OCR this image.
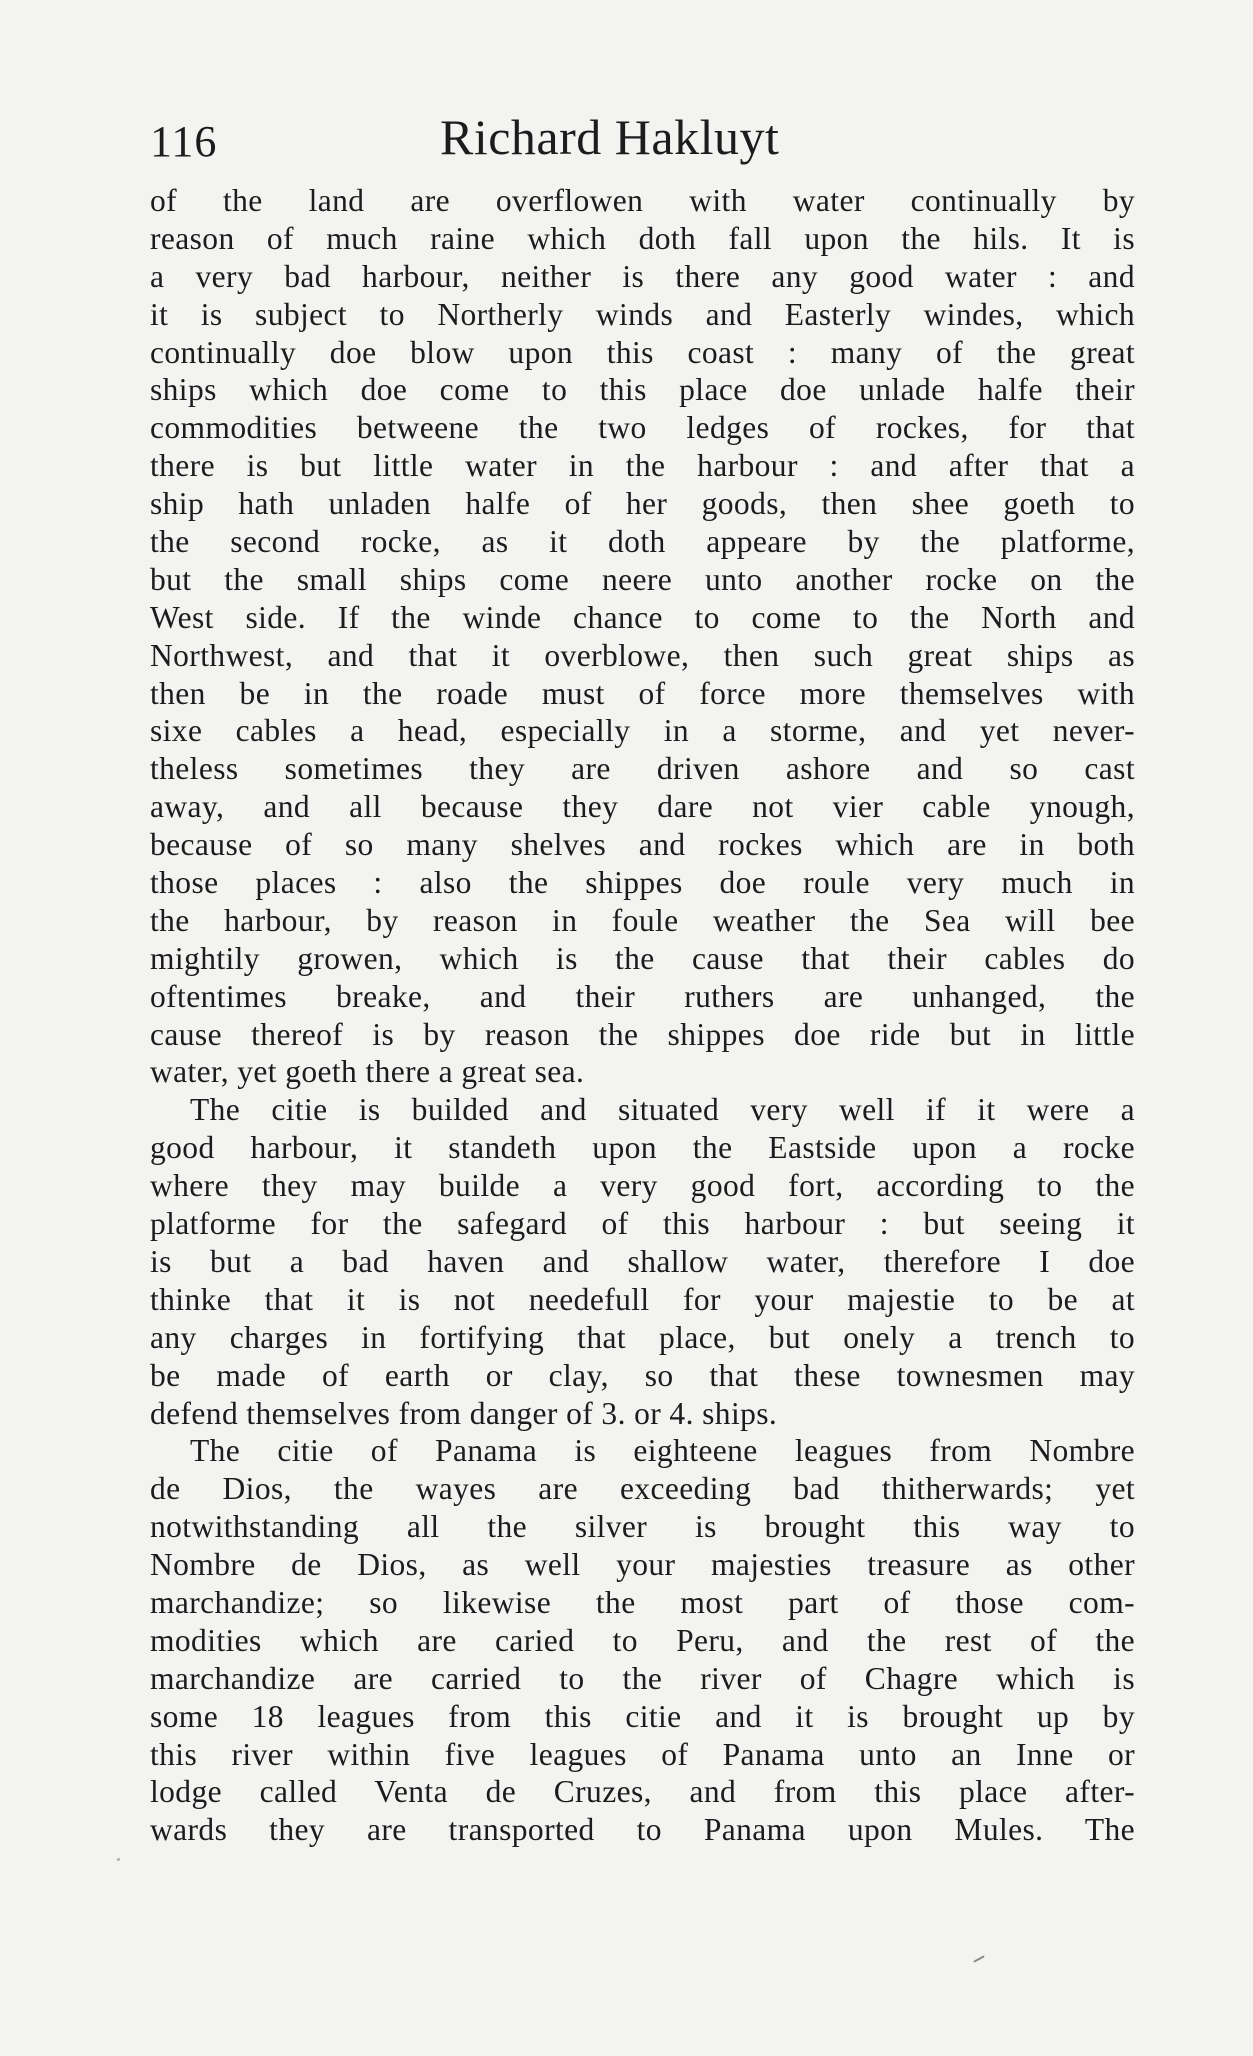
116	Richard Hakluyt
of the land are overflowen with water continually by
reason of much raine which doth fall upon the hils. It is
a very bad harbour, neither is there any good water : and
it is subject to Northerly winds and Easterly windes, which
continually doe blow upon this coast : many of the great
ships which doe come to this place doe unlade halfe their
commodities betweene the two ledges of rockes, for that
there is but little water in the harbour : and after that a
ship hath unladen halfe of her goods, then shee goeth to
the second rocke, as it doth appeare by the platforme,
but the small ships come neere unto another rocke on the
West side. If the winde chance to come to the North and
Northwest, and that it overblowe, then such great ships as
then be in the roade must of force more themselves with
sixe cables a head, especially in a storme, and yet never-
theless sometimes they are driven ashore and so cast
away, and all because they dare not vier cable ynough,
because of so many shelves and rockes which are in both
those places : also the shippes doe roule very much in
the harbour, by reason in foule weather the Sea will bee
mightily growen, which is the cause that their cables do
oftentimes breake, and their ruthers are unhanged, the
cause thereof is by reason the shippes doe ride but in little
water, yet goeth there a great sea.
The citie is builded and situated very well if it were a
good harbour, it standeth upon the Eastside upon a rocke
where they may builde a very good fort, according to the
platforme for the safegard of this harbour : but seeing it
is but a bad haven and shallow water, therefore I doe
thinke that it is not needefull for your majestie to be at
any charges in fortifying that place, but onely a trench to
be made of earth or clay, so that these townesmen may
defend themselves from danger of 3. or 4. ships.
The citie of Panama is eighteene leagues from Nombre
de Dios, the wayes are exceeding bad thitherwards; yet
notwithstanding all the silver is brought this way to
Nombre de Dios, as well your majesties treasure as other
marchandize; so likewise the most part of those com-
modities which are caried to Peru, and the rest of the
marchandize are carried to the river of Chagre which is
some 18 leagues from this citie and it is brought up by
this river within five leagues of Panama unto an Inne or
lodge called Venta de Cruzes, and from this place after-
wards they are transported to Panama upon Mules. The
